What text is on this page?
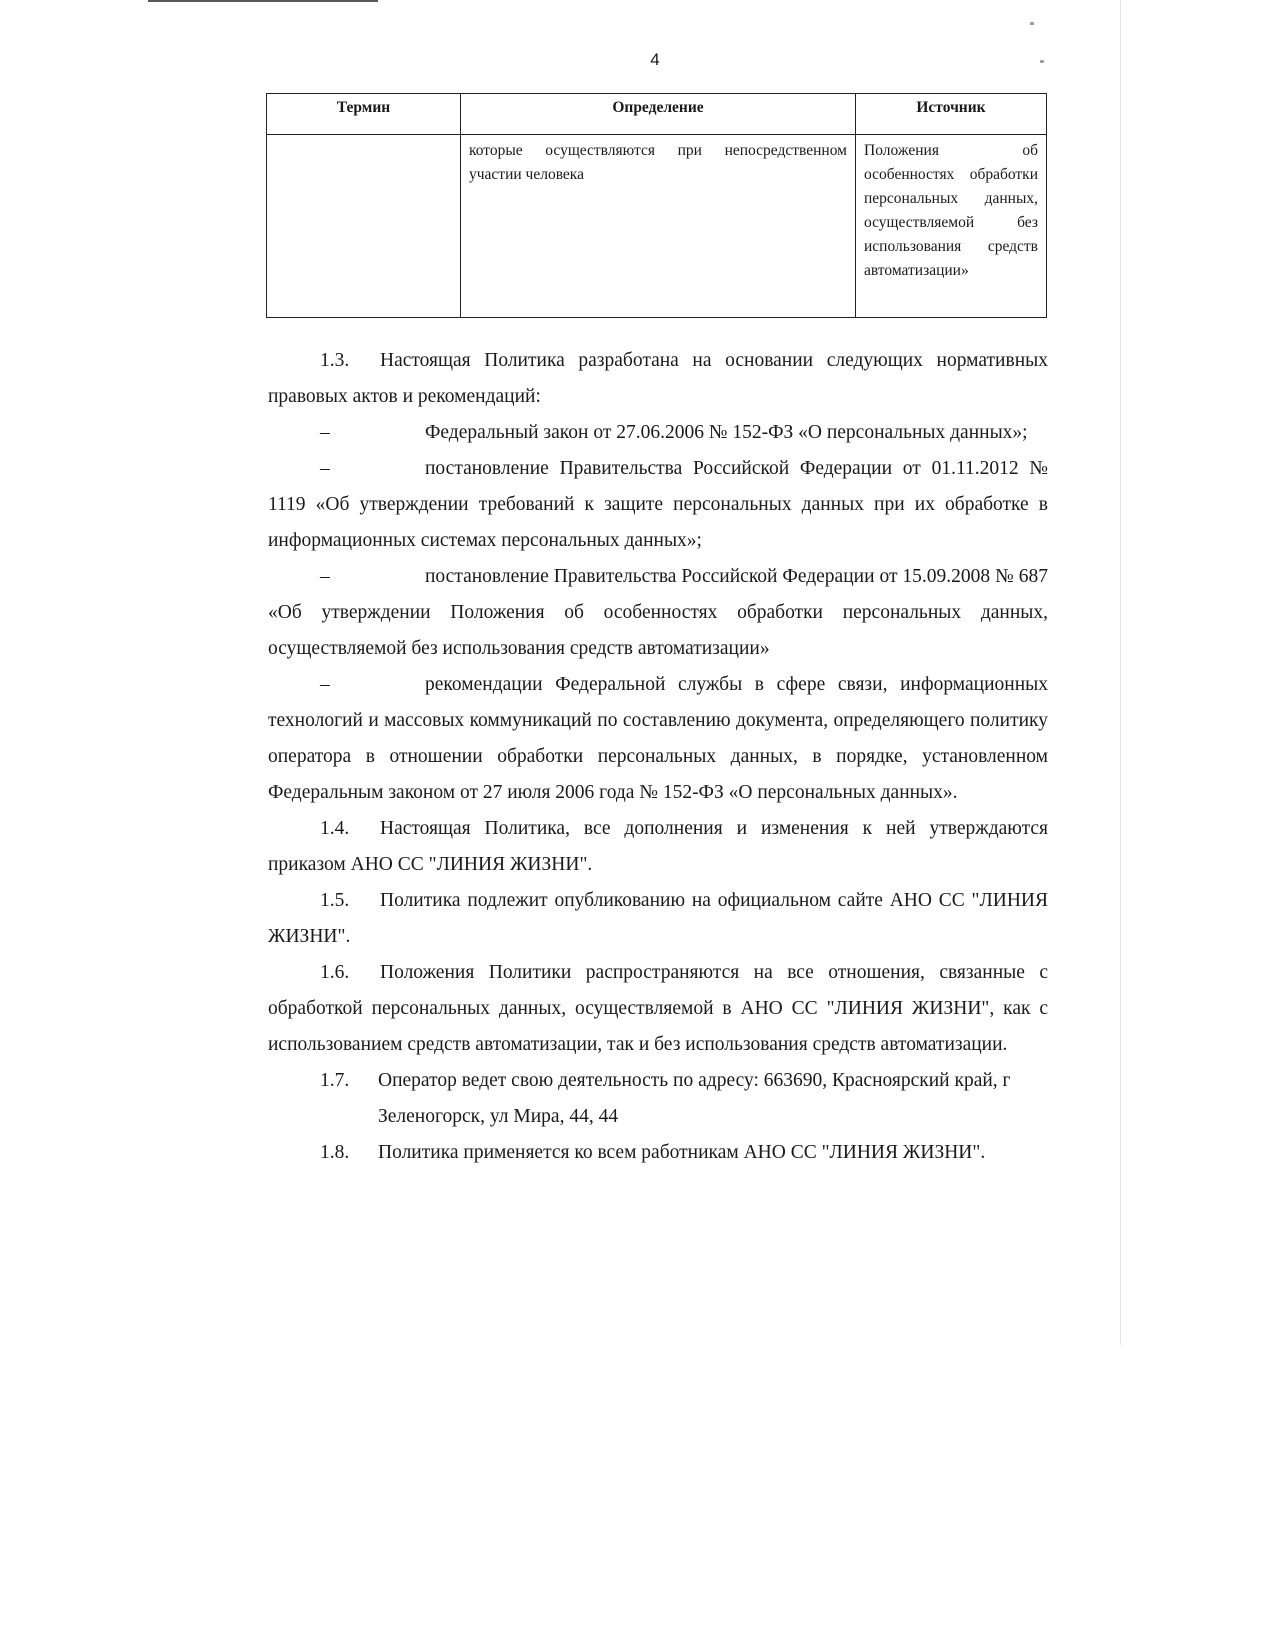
4
Термин	Определение	Источник
	которые осуществляются при непосредственном участии человека	Положения об особенностях обработки персональных данных, осуществляемой без использования средств автоматизации»

1.3. Настоящая Политика разработана на основании следующих нормативных правовых актов и рекомендаций:

–	Федеральный закон от 27.06.2006 № 152-ФЗ «О персональных данных»;

–	постановление Правительства Российской Федерации от 01.11.2012 № 1119 «Об утверждении требований к защите персональных данных при их обработке в информационных системах персональных данных»;

–	постановление Правительства Российской Федерации от 15.09.2008 № 687 «Об утверждении Положения об особенностях обработки персональных данных, осуществляемой без использования средств автоматизации»

–	рекомендации Федеральной службы в сфере связи, информационных технологий и массовых коммуникаций по составлению документа, определяющего политику оператора в отношении обработки персональных данных, в порядке, установленном Федеральным законом от 27 июля 2006 года № 152-ФЗ «О персональных данных».

1.4. Настоящая Политика, все дополнения и изменения к ней утверждаются приказом АНО СС "ЛИНИЯ ЖИЗНИ".

1.5. Политика подлежит опубликованию на официальном сайте АНО СС "ЛИНИЯ ЖИЗНИ".

1.6. Положения Политики распространяются на все отношения, связанные с обработкой персональных данных, осуществляемой в АНО СС "ЛИНИЯ ЖИЗНИ", как с использованием средств автоматизации, так и без использования средств автоматизации.

1.7. Оператор ведет свою деятельность по адресу: 663690, Красноярский край, г Зеленогорск, ул Мира, 44, 44

1.8. Политика применяется ко всем работникам АНО СС "ЛИНИЯ ЖИЗНИ".
